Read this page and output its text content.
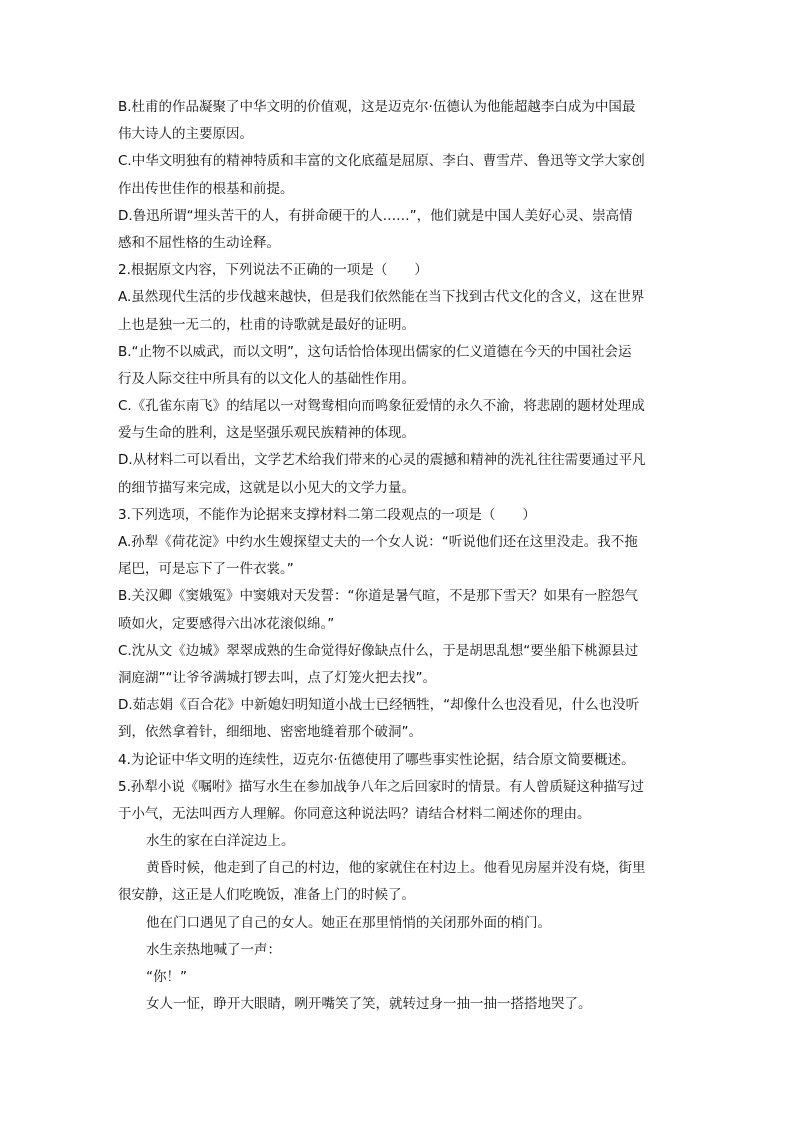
B.杜甫的作品凝聚了中华文明的价值观，这是迈克尔·伍德认为他能超越李白成为中国最
伟大诗人的主要原因。
C.中华文明独有的精神特质和丰富的文化底蕴是屈原、李白、曹雪芹、鲁迅等文学大家创
作出传世佳作的根基和前提。
D.鲁迅所谓“埋头苦干的人，有拼命硬干的人……”，他们就是中国人美好心灵、崇高情
感和不屈性格的生动诠释。
2.根据原文内容，下列说法不正确的一项是（　　）
A.虽然现代生活的步伐越来越快，但是我们依然能在当下找到古代文化的含义，这在世界
上也是独一无二的，杜甫的诗歌就是最好的证明。
B.“止物不以威武，而以文明”，这句话恰恰体现出儒家的仁义道德在今天的中国社会运
行及人际交往中所具有的以文化人的基础性作用。
C.《孔雀东南飞》的结尾以一对鸳鸯相向而鸣象征爱情的永久不渝，将悲剧的题材处理成
爱与生命的胜利，这是坚强乐观民族精神的体现。
D.从材料二可以看出，文学艺术给我们带来的心灵的震撼和精神的洗礼往往需要通过平凡
的细节描写来完成，这就是以小见大的文学力量。
3.下列选项，不能作为论据来支撑材料二第二段观点的一项是（　　）
A.孙犁《荷花淀》中约水生嫂探望丈夫的一个女人说：“听说他们还在这里没走。我不拖
尾巴，可是忘下了一件衣裳。”
B.关汉卿《窦娥冤》中窦娥对天发誓：“你道是暑气暄，不是那下雪天？如果有一腔怨气
喷如火，定要感得六出冰花滚似绵。”
C.沈从文《边城》翠翠成熟的生命觉得好像缺点什么，于是胡思乱想“要坐船下桃源县过
洞庭湖”“让爷爷满城打锣去叫，点了灯笼火把去找”。
D.茹志娟《百合花》中新媳妇明知道小战士已经牺牲，“却像什么也没看见，什么也没听
到，依然拿着针，细细地、密密地缝着那个破洞”。
4.为论证中华文明的连续性，迈克尔·伍德使用了哪些事实性论据，结合原文简要概述。
5.孙犁小说《嘱咐》描写水生在参加战争八年之后回家时的情景。有人曾质疑这种描写过
于小气，无法叫西方人理解。你同意这种说法吗？请结合材料二阐述你的理由。
水生的家在白洋淀边上。
黄昏时候，他走到了自己的村边，他的家就住在村边上。他看见房屋并没有烧，街里
很安静，这正是人们吃晚饭，准备上门的时候了。
他在门口遇见了自己的女人。她正在那里悄悄的关闭那外面的梢门。
水生亲热地喊了一声：
“你！”
女人一怔，睁开大眼睛，咧开嘴笑了笑，就转过身一抽一抽一搭搭地哭了。
